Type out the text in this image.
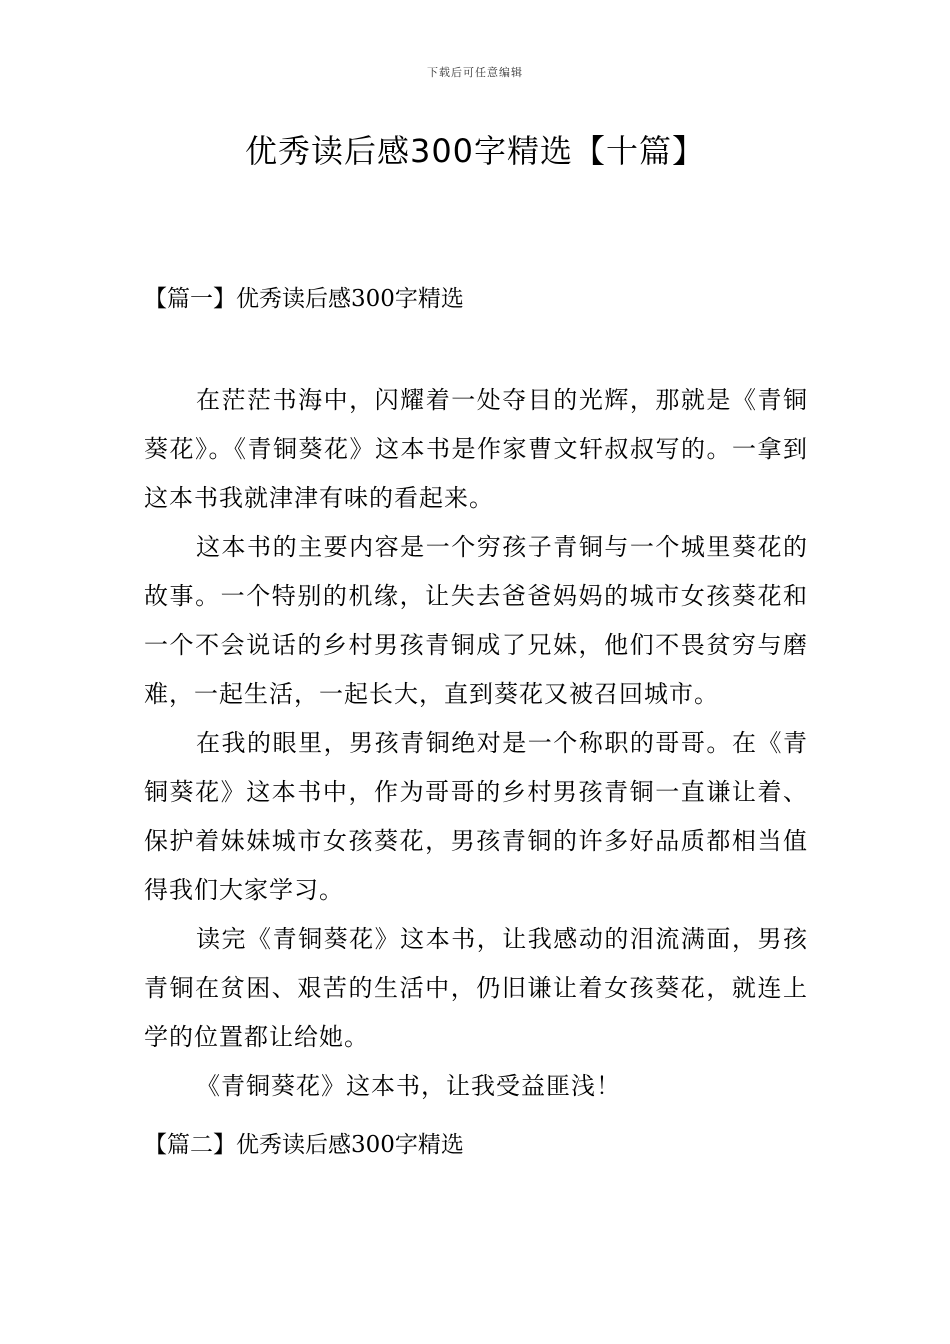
下载后可任意编辑
优秀读后感300字精选【十篇】
【篇一】优秀读后感300字精选

在茫茫书海中，闪耀着一处夺目的光辉，那就是《青铜葵花》。《青铜葵花》这本书是作家曹文轩叔叔写的。一拿到这本书我就津津有味的看起来。

这本书的主要内容是一个穷孩子青铜与一个城里葵花的故事。一个特别的机缘，让失去爸爸妈妈的城市女孩葵花和一个不会说话的乡村男孩青铜成了兄妹，他们不畏贫穷与磨难，一起生活，一起长大，直到葵花又被召回城市。

在我的眼里，男孩青铜绝对是一个称职的哥哥。在《青铜葵花》这本书中，作为哥哥的乡村男孩青铜一直谦让着、保护着妹妹城市女孩葵花，男孩青铜的许多好品质都相当值得我们大家学习。

读完《青铜葵花》这本书，让我感动的泪流满面，男孩青铜在贫困、艰苦的生活中，仍旧谦让着女孩葵花，就连上学的位置都让给她。

《青铜葵花》这本书，让我受益匪浅！

【篇二】优秀读后感300字精选
